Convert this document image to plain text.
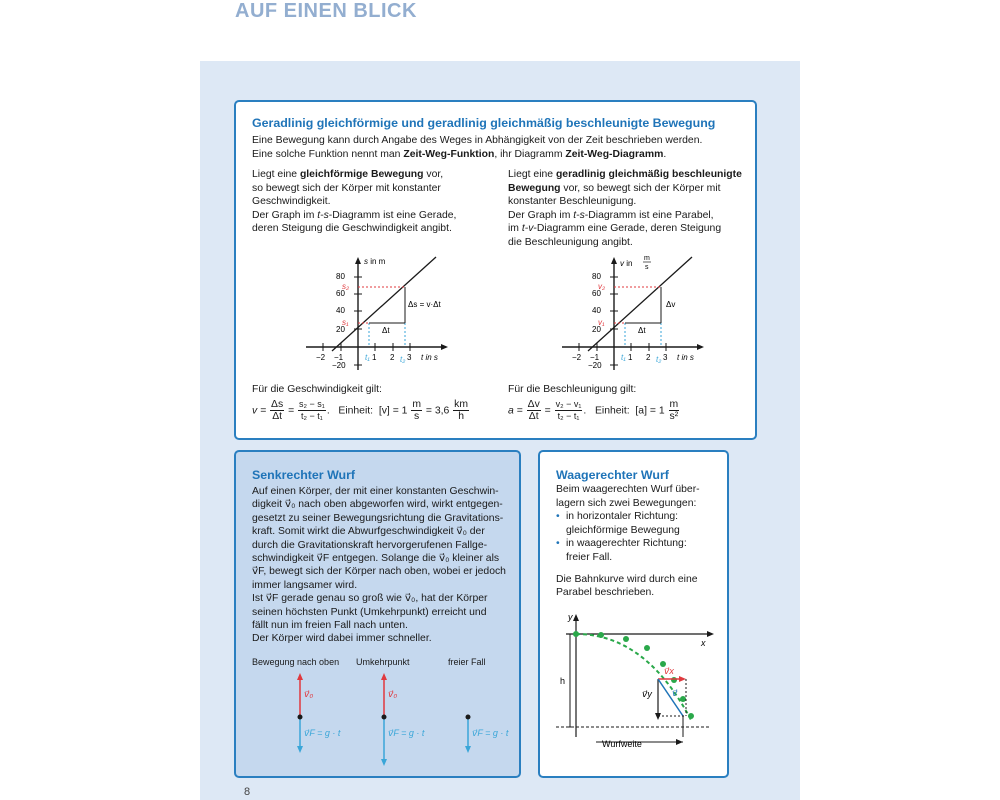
AUF EINEN BLICK
Geradlinig gleichförmige und geradlinig gleichmäßig beschleunigte Bewegung
Eine Bewegung kann durch Angabe des Weges in Abhängigkeit von der Zeit beschrieben werden.
Eine solche Funktion nennt man Zeit-Weg-Funktion, ihr Diagramm Zeit-Weg-Diagramm.
Liegt eine gleichförmige Bewegung vor,
so bewegt sich der Körper mit konstanter
Geschwindigkeit.
Der Graph im t-s-Diagramm ist eine Gerade,
deren Steigung die Geschwindigkeit angibt.
Liegt eine geradlinig gleichmäßig beschleunigte
Bewegung vor, so bewegt sich der Körper mit
konstanter Beschleunigung.
Der Graph im t-s-Diagramm ist eine Parabel,
im t-v-Diagramm eine Gerade, deren Steigung
die Beschleunigung angibt.
80
60
40
20
−20
−2 −1	1 2 3
s in m
t in s
s₂
s₁
t₁	t₂
Δt
Δs = v·Δt
80
60
40
20
−20
−2 −1	1 2 3
v in
m
s
t in s
v₂
v₁
t₁	t₂
Δt
Δv
Für die Geschwindigkeit gilt:
$v = \frac{\Delta s}{\Delta t} = \frac{\text{s₂ − s₁}}{\text{t₂ − t₁}}$ .   Einheit: $[v] = 1 \frac{m}{s} = 3,6 \frac{km}{h}$
Für die Beschleunigung gilt:
$a = \frac{\Delta v}{\Delta t} = \frac{\text{v₂ − v₁}}{\text{t₂ − t₁}}$ .   Einheit: $[a] = 1 \frac{m}{\text{s²}}$
Senkrechter Wurf
Auf einen Körper, der mit einer konstanten Geschwin-
digkeit v⃗₀ nach oben abgeworfen wird, wirkt entgegen-
gesetzt zu seiner Bewegungsrichtung die Gravitations-
kraft. Somit wirkt die Abwurfgeschwindigkeit v⃗₀ der
durch die Gravitationskraft hervorgerufenen Fallge-
schwindigkeit v⃗F entgegen. Solange die v⃗₀ kleiner als
v⃗F, bewegt sich der Körper nach oben, wobei er jedoch
immer langsamer wird.
Ist v⃗F gerade genau so groß wie v⃗₀, hat der Körper
seinen höchsten Punkt (Umkehrpunkt) erreicht und
fällt nun im freien Fall nach unten.
Der Körper wird dabei immer schneller.
Bewegung nach oben Umkehrpunkt	freier Fall
v⃗₀
v⃗F = g · t
v⃗₀
v⃗F = g · t	v⃗F = g · t
Waagerechter Wurf
Beim waagerechten Wurf über-
lagern sich zwei Bewegungen:
• in horizontaler Richtung:
gleichförmige Bewegung
• in waagerechter Richtung:
freier Fall.
Die Bahnkurve wird durch eine
Parabel beschrieben.
y
x
h
v⃗x
v⃗y v⃗
Wurfweite
8
